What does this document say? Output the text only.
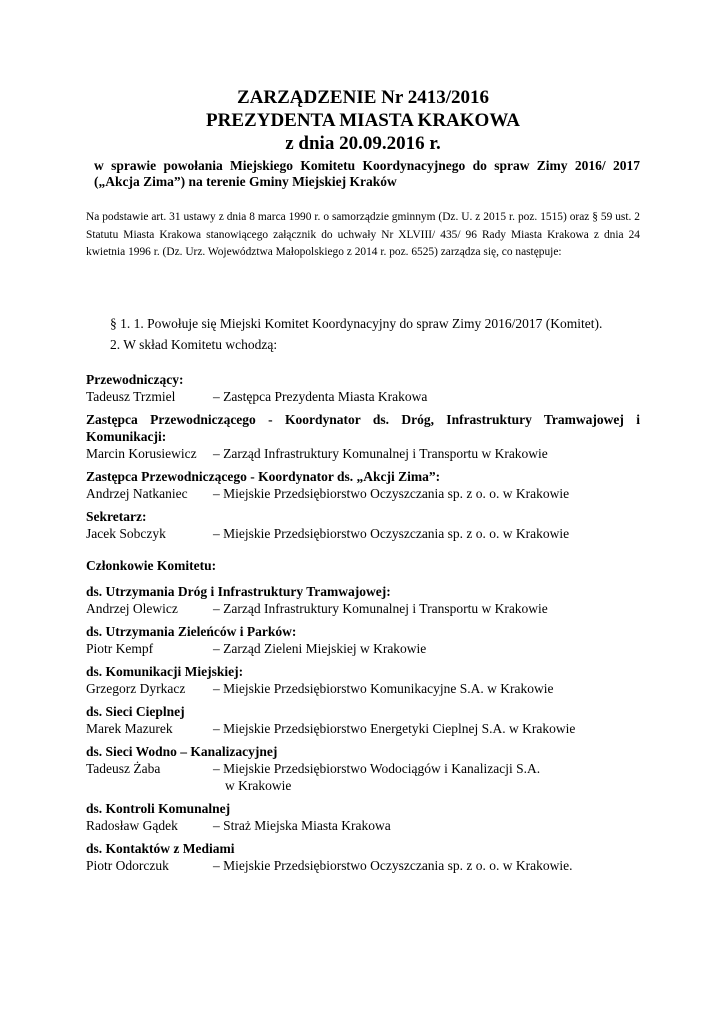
ZARZĄDZENIE Nr 2413/2016
PREZYDENTA MIASTA KRAKOWA
z dnia 20.09.2016 r.
w sprawie powołania Miejskiego Komitetu Koordynacyjnego do spraw Zimy 2016/ 2017 („Akcja Zima”) na terenie Gminy Miejskiej Kraków
Na podstawie art. 31 ustawy z dnia 8 marca 1990 r. o samorządzie gminnym (Dz. U. z 2015 r. poz. 1515) oraz § 59 ust. 2 Statutu Miasta Krakowa stanowiącego załącznik do uchwały Nr XLVIII/ 435/ 96 Rady Miasta Krakowa z dnia 24 kwietnia 1996 r. (Dz. Urz. Województwa Małopolskiego z 2014 r. poz. 6525) zarządza się, co następuje:
§ 1. 1. Powołuje się Miejski Komitet Koordynacyjny do spraw Zimy 2016/2017 (Komitet).
2. W skład Komitetu wchodzą:
Przewodniczący:
Tadeusz Trzmiel	– Zastępca Prezydenta Miasta Krakowa
Zastępca Przewodniczącego - Koordynator ds. Dróg, Infrastruktury Tramwajowej i Komunikacji:
Marcin Korusiewicz	– Zarząd Infrastruktury Komunalnej i Transportu w Krakowie
Zastępca Przewodniczącego - Koordynator ds. „Akcji Zima”:
Andrzej Natkaniec	– Miejskie Przedsiębiorstwo Oczyszczania sp. z o. o. w Krakowie
Sekretarz:
Jacek Sobczyk	– Miejskie Przedsiębiorstwo Oczyszczania sp. z o. o. w Krakowie
Członkowie Komitetu:
ds. Utrzymania Dróg i Infrastruktury Tramwajowej:
Andrzej Olewicz	– Zarząd Infrastruktury Komunalnej i Transportu w Krakowie
ds. Utrzymania Zieleńców i Parków:
Piotr Kempf	– Zarząd Zieleni Miejskiej w Krakowie
ds. Komunikacji Miejskiej:
Grzegorz Dyrkacz	– Miejskie Przedsiębiorstwo Komunikacyjne S.A. w Krakowie
ds. Sieci Cieplnej
Marek Mazurek	– Miejskie Przedsiębiorstwo Energetyki Cieplnej S.A. w Krakowie
ds. Sieci Wodno – Kanalizacyjnej
Tadeusz Żaba	– Miejskie Przedsiębiorstwo Wodociągów i Kanalizacji S.A.
w Krakowie
ds. Kontroli Komunalnej
Radosław Gądek	– Straż Miejska Miasta Krakowa
ds. Kontaktów z Mediami
Piotr Odorczuk	– Miejskie Przedsiębiorstwo Oczyszczania sp. z o. o. w Krakowie.
